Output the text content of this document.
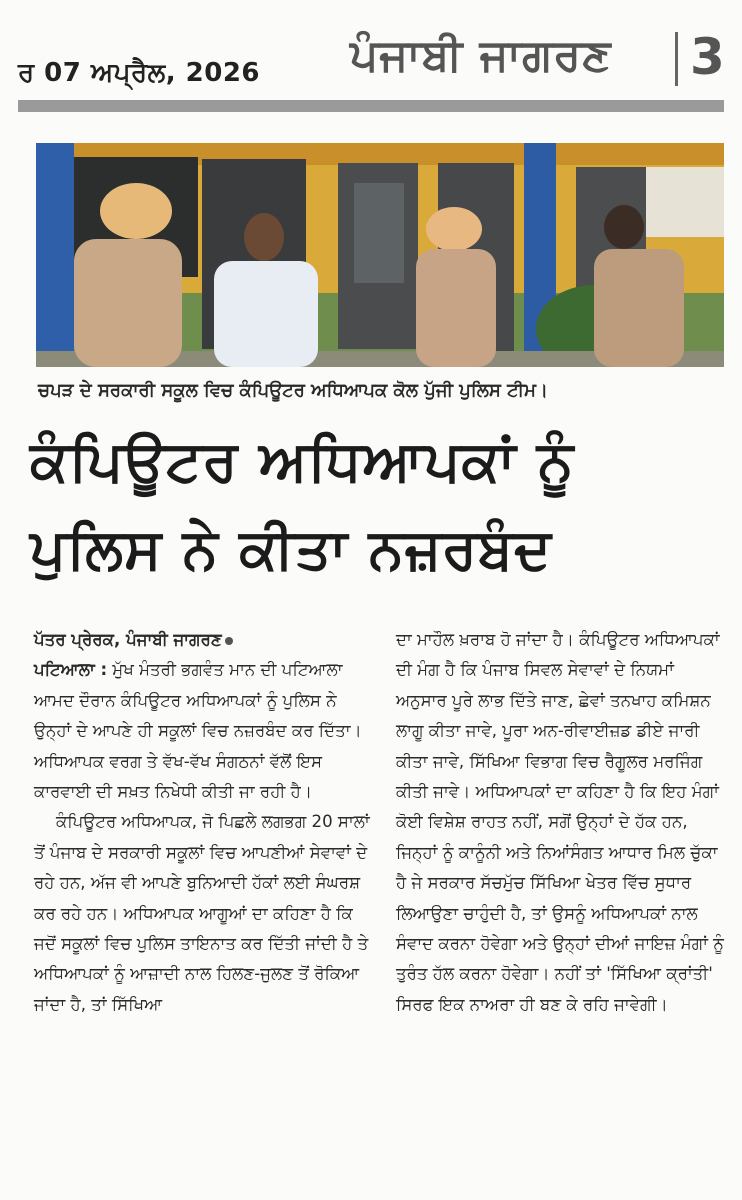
ਰ 07 ਅਪ੍ਰੈਲ, 2026 ਪੰਜਾਬੀ ਜਾਗਰਣ 3
ਚਪੜ ਦੇ ਸਰਕਾਰੀ ਸਕੂਲ ਵਿਚ ਕੰਪਿਊਟਰ ਅਧਿਆਪਕ ਕੋਲ ਪੁੱਜੀ ਪੁਲਿਸ ਟੀਮ।
ਕੰਪਿਊਟਰ ਅਧਿਆਪਕਾਂ ਨੂੰ
ਪੁਲਿਸ ਨੇ ਕੀਤਾ ਨਜ਼ਰਬੰਦ

ਪੱਤਰ ਪ੍ਰੇਰਕ, ਪੰਜਾਬੀ ਜਾਗਰਣ

ਪਟਿਆਲਾ : ਮੁੱਖ ਮੰਤਰੀ ਭਗਵੰਤ ਮਾਨ ਦੀ ਪਟਿਆਲਾ ਆਮਦ ਦੌਰਾਨ ਕੰਪਿਊਟਰ ਅਧਿਆਪਕਾਂ ਨੂੰ ਪੁਲਿਸ ਨੇ ਉਨ੍ਹਾਂ ਦੇ ਆਪਣੇ ਹੀ ਸਕੂਲਾਂ ਵਿਚ ਨਜ਼ਰਬੰਦ ਕਰ ਦਿੱਤਾ। ਅਧਿਆਪਕ ਵਰਗ ਤੇ ਵੱਖ-ਵੱਖ ਸੰਗਠਨਾਂ ਵੱਲੋਂ ਇਸ ਕਾਰਵਾਈ ਦੀ ਸਖ਼ਤ ਨਿਖੇਧੀ ਕੀਤੀ ਜਾ ਰਹੀ ਹੈ।

ਕੰਪਿਊਟਰ ਅਧਿਆਪਕ, ਜੋ ਪਿਛਲੇ ਲਗਭਗ 20 ਸਾਲਾਂ ਤੋਂ ਪੰਜਾਬ ਦੇ ਸਰਕਾਰੀ ਸਕੂਲਾਂ ਵਿਚ ਆਪਣੀਆਂ ਸੇਵਾਵਾਂ ਦੇ ਰਹੇ ਹਨ, ਅੱਜ ਵੀ ਆਪਣੇ ਬੁਨਿਆਦੀ ਹੱਕਾਂ ਲਈ ਸੰਘਰਸ਼ ਕਰ ਰਹੇ ਹਨ। ਅਧਿਆਪਕ ਆਗੂਆਂ ਦਾ ਕਹਿਣਾ ਹੈ ਕਿ ਜਦੋਂ ਸਕੂਲਾਂ ਵਿਚ ਪੁਲਿਸ ਤਾਇਨਾਤ ਕਰ ਦਿੱਤੀ ਜਾਂਦੀ ਹੈ ਤੇ ਅਧਿਆਪਕਾਂ ਨੂੰ ਆਜ਼ਾਦੀ ਨਾਲ ਹਿਲਣ-ਜੁਲਣ ਤੋਂ ਰੋਕਿਆ ਜਾਂਦਾ ਹੈ, ਤਾਂ ਸਿੱਖਿਆ

ਦਾ ਮਾਹੌਲ ਖ਼ਰਾਬ ਹੋ ਜਾਂਦਾ ਹੈ। ਕੰਪਿਊਟਰ ਅਧਿਆਪਕਾਂ ਦੀ ਮੰਗ ਹੈ ਕਿ ਪੰਜਾਬ ਸਿਵਲ ਸੇਵਾਵਾਂ ਦੇ ਨਿਯਮਾਂ ਅਨੁਸਾਰ ਪੂਰੇ ਲਾਭ ਦਿੱਤੇ ਜਾਣ, ਛੇਵਾਂ ਤਨਖਾਹ ਕਮਿਸ਼ਨ ਲਾਗੂ ਕੀਤਾ ਜਾਵੇ, ਪੂਰਾ ਅਨ-ਰੀਵਾਈਜ਼ਡ ਡੀਏ ਜਾਰੀ ਕੀਤਾ ਜਾਵੇ, ਸਿੱਖਿਆ ਵਿਭਾਗ ਵਿਚ ਰੈਗੂਲਰ ਮਰਜਿੰਗ ਕੀਤੀ ਜਾਵੇ। ਅਧਿਆਪਕਾਂ ਦਾ ਕਹਿਣਾ ਹੈ ਕਿ ਇਹ ਮੰਗਾਂ ਕੋਈ ਵਿਸ਼ੇਸ਼ ਰਾਹਤ ਨਹੀਂ, ਸਗੋਂ ਉਨ੍ਹਾਂ ਦੇ ਹੱਕ ਹਨ, ਜਿਨ੍ਹਾਂ ਨੂੰ ਕਾਨੂੰਨੀ ਅਤੇ ਨਿਆਂਸੰਗਤ ਆਧਾਰ ਮਿਲ ਚੁੱਕਾ ਹੈ ਜੇ ਸਰਕਾਰ ਸੱਚਮੁੱਚ ਸਿੱਖਿਆ ਖੇਤਰ ਵਿੱਚ ਸੁਧਾਰ ਲਿਆਉਣਾ ਚਾਹੁੰਦੀ ਹੈ, ਤਾਂ ਉਸਨੂੰ ਅਧਿਆਪਕਾਂ ਨਾਲ ਸੰਵਾਦ ਕਰਨਾ ਹੋਵੇਗਾ ਅਤੇ ਉਨ੍ਹਾਂ ਦੀਆਂ ਜਾਇਜ਼ ਮੰਗਾਂ ਨੂੰ ਤੁਰੰਤ ਹੱਲ ਕਰਨਾ ਹੋਵੇਗਾ। ਨਹੀਂ ਤਾਂ 'ਸਿੱਖਿਆ ਕ੍ਰਾਂਤੀ' ਸਿਰਫ ਇਕ ਨਾਅਰਾ ਹੀ ਬਣ ਕੇ ਰਹਿ ਜਾਵੇਗੀ।
